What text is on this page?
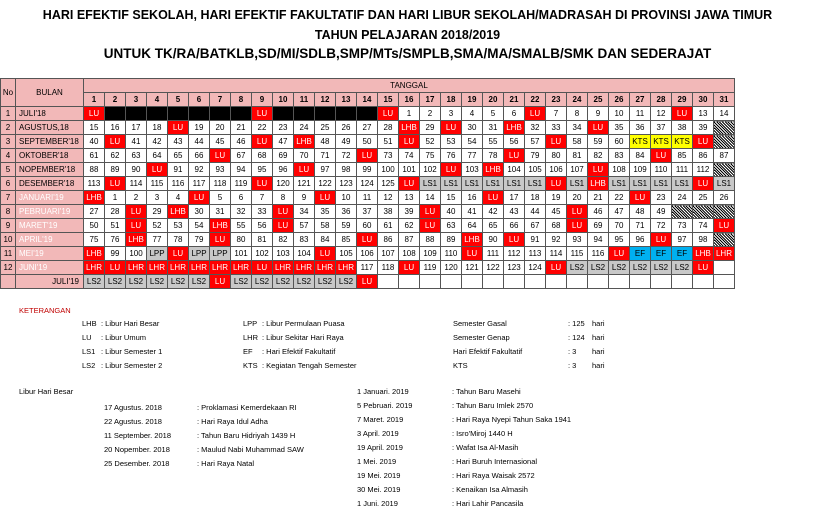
HARI EFEKTIF SEKOLAH, HARI EFEKTIF FAKULTATIF DAN HARI LIBUR SEKOLAH/MADRASAH DI PROVINSI JAWA TIMUR
TAHUN PELAJARAN 2018/2019
UNTUK TK/RA/BATKLB,SD/MI/SDLB,SMP/MTs/SMPLB,SMA/MA/SMALB/SMK DAN SEDERAJAT
No	BULAN	TANGGAL																														
		1	2	3	4	5	6	7	8	9	10	11	12	13	14	15	16	17	18	19	20	21	22	23	24	25	26	27	28	29	30	31
1	JULI'18	LU								LU						LU	1	2	3	4	5	6	LU	7	8	9	10	11	12	LU	13	14
2	AGUSTUS,18	15	16	17	18	LU	19	20	21	22	23	24	25	26	27	28	LHB	29	LU	30	31	LHB	32	33	34	LU	35	36	37	38	39	
3	SEPTEMBER'18	40	LU	41	42	43	44	45	46	LU	47	LHB	48	49	50	51	LU	52	53	54	55	56	57	LU	58	59	60	KTS	KTS	KTS	LU	
4	OKTOBER'18	61	62	63	64	65	66	LU	67	68	69	70	71	72	LU	73	74	75	76	77	78	LU	79	80	81	82	83	84	LU	85	86	87
5	NOPEMBER'18	88	89	90	LU	91	92	93	94	95	96	LU	97	98	99	100	101	102	LU	103	LHB	104	105	106	107	LU	108	109	110	111	112	
6	DESEMBER'18	113	LU	114	115	116	117	118	119	LU	120	121	122	123	124	125	LU	LS1	LS1	LS1	LS1	LS1	LS1	LU	LS1	LHB	LS1	LS1	LS1	LS1	LU	LS1
7	JANUARI'19	LHB	1	2	3	4	LU	5	6	7	8	9	LU	10	11	12	13	14	15	16	LU	17	18	19	20	21	22	LU	23	24	25	26
8	PEBRUARI'19	27	28	LU	29	LHB	30	31	32	33	LU	34	35	36	37	38	39	LU	40	41	42	43	44	45	LU	46	47	48	49			
9	MARET'19	50	51	LU	52	53	54	LHB	55	56	LU	57	58	59	60	61	62	LU	63	64	65	66	67	68	LU	69	70	71	72	73	74	LU
10	APRIL'19	75	76	LHB	77	78	79	LU	80	81	82	83	84	85	LU	86	87	88	89	LHB	90	LU	91	92	93	94	95	96	LU	97	98	
11	MEI'19	LHB	99	100	LPP	LU	LPP	LPP	101	102	103	104	LU	105	106	107	108	109	110	LU	111	112	113	114	115	116	LU	EF	EF	EF	LHB	LHR
12	JUNI'19	LHR	LU	LHR	LHR	LHR	LHR	LHR	LHR	LU	LHR	LHR	LHR	LHR	117	118	LU	119	120	121	122	123	124	LU	LS2	LS2	LS2	LS2	LS2	LS2	LU	
	JULI'19	LS2	LS2	LS2	LS2	LS2	LS2	LU	LS2	LS2	LS2	LS2	LS2	LS2	LU																	
KETERANGAN
LHB : Libur Hari Besar
LU : Libur Umum
LS1 : Libur Semester 1
LS2 : Libur Semester 2
LPP : Libur Permulaan Puasa
LHR : Libur Sekitar Hari Raya
EF : Hari Efektif Fakultatif
KTS : Kegiatan Tengah Semester
Semester Gasal	: 125 hari
Semester Genap	: 124 hari
Hari Efektif Fakultatif	: 3 hari
KTS	: 3 hari
Libur Hari Besar
17 Agustus. 2018	: Proklamasi Kemerdekaan RI
22 Agustus. 2018	: Hari Raya Idul Adha
11 September. 2018	: Tahun Baru Hidriyah 1439 H
20 Nopember. 2018	: Maulud Nabi Muhammad SAW
25 Desember. 2018	: Hari Raya Natal
1 Januari. 2019	: Tahun Baru Masehi
5 Pebruari. 2019	: Tahun Baru Imlek 2570
7 Maret. 2019	: Hari Raya Nyepi Tahun Saka 1941
3 April. 2019	: Isro'Miroj 1440 H
19 April. 2019	: Wafat Isa Al-Masih
1 Mei. 2019	: Hari Buruh Internasional
19 Mei. 2019	: Hari Raya Waisak 2572
30 Mei. 2019	: Kenaikan Isa Almasih
1 Juni. 2019	: Hari Lahir Pancasila
